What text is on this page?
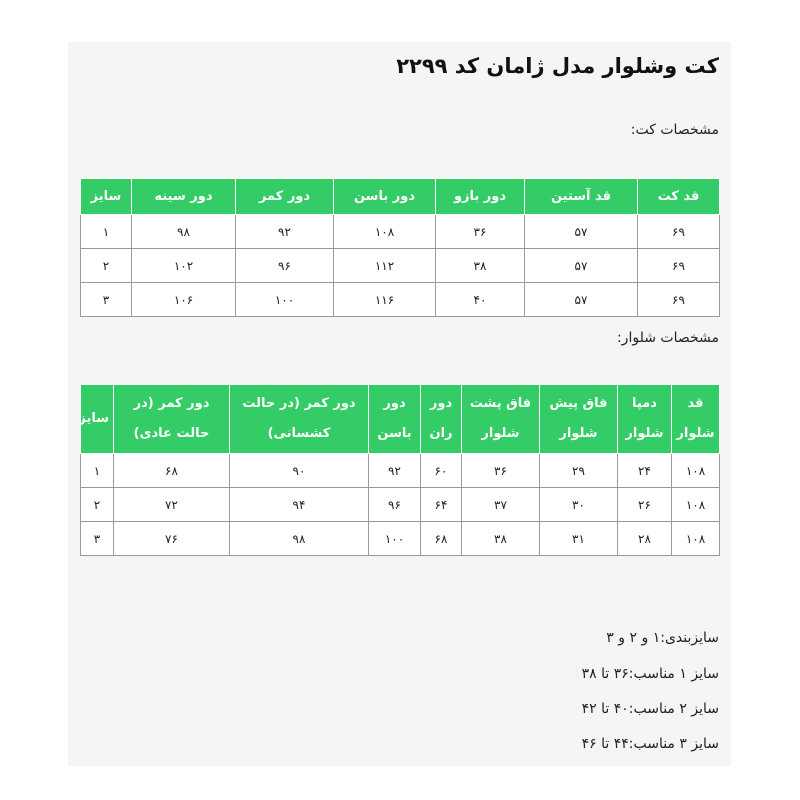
کت وشلوار مدل ژامان کد ۲۲۹۹

مشخصات کت:

قد کت	قد آستین	دور بازو	دور باسن	دور کمر	دور سینه	سایز
۶۹	۵۷	۳۶	۱۰۸	۹۲	۹۸	۱
۶۹	۵۷	۳۸	۱۱۲	۹۶	۱۰۲	۲
۶۹	۵۷	۴۰	۱۱۶	۱۰۰	۱۰۶	۳

مشخصات شلوار:

قد شلوار	دمپا شلوار	فاق پیش شلوار	فاق پشت شلوار	دور ران	دور باسن	دور کمر (در حالت کشسانی)	دور کمر (در حالت عادی)	سایز
۱۰۸	۲۴	۲۹	۳۶	۶۰	۹۲	۹۰	۶۸	۱
۱۰۸	۲۶	۳۰	۳۷	۶۴	۹۶	۹۴	۷۲	۲
۱۰۸	۲۸	۳۱	۳۸	۶۸	۱۰۰	۹۸	۷۶	۳

سایزبندی:۱ و ۲ و ۳

سایز ۱ مناسب:۳۶ تا ۳۸

سایز ۲ مناسب:۴۰ تا ۴۲

سایز ۳ مناسب:۴۴ تا ۴۶
